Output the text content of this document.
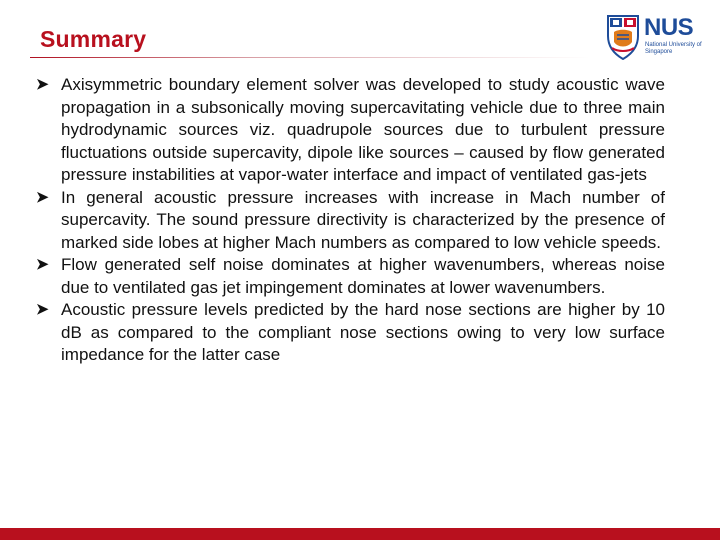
Summary	NUS
National University of Singapore
➤ Axisymmetric boundary element solver was developed to study acoustic wave propagation in a subsonically moving supercavitating vehicle due to three main hydrodynamic sources viz. quadrupole sources due to turbulent pressure fluctuations outside supercavity, dipole like sources – caused by flow generated pressure instabilities at vapor-water interface and impact of ventilated gas-jets
➤ In general acoustic pressure increases with increase in Mach number of supercavity. The sound pressure directivity is characterized by the presence of marked side lobes at higher Mach numbers as compared to low vehicle speeds.
➤ Flow generated self noise dominates at higher wavenumbers, whereas noise due to ventilated gas jet impingement dominates at lower wavenumbers.
➤ Acoustic pressure levels predicted by the hard nose sections are higher by 10 dB as compared to the compliant nose sections owing to very low surface impedance for the latter case
